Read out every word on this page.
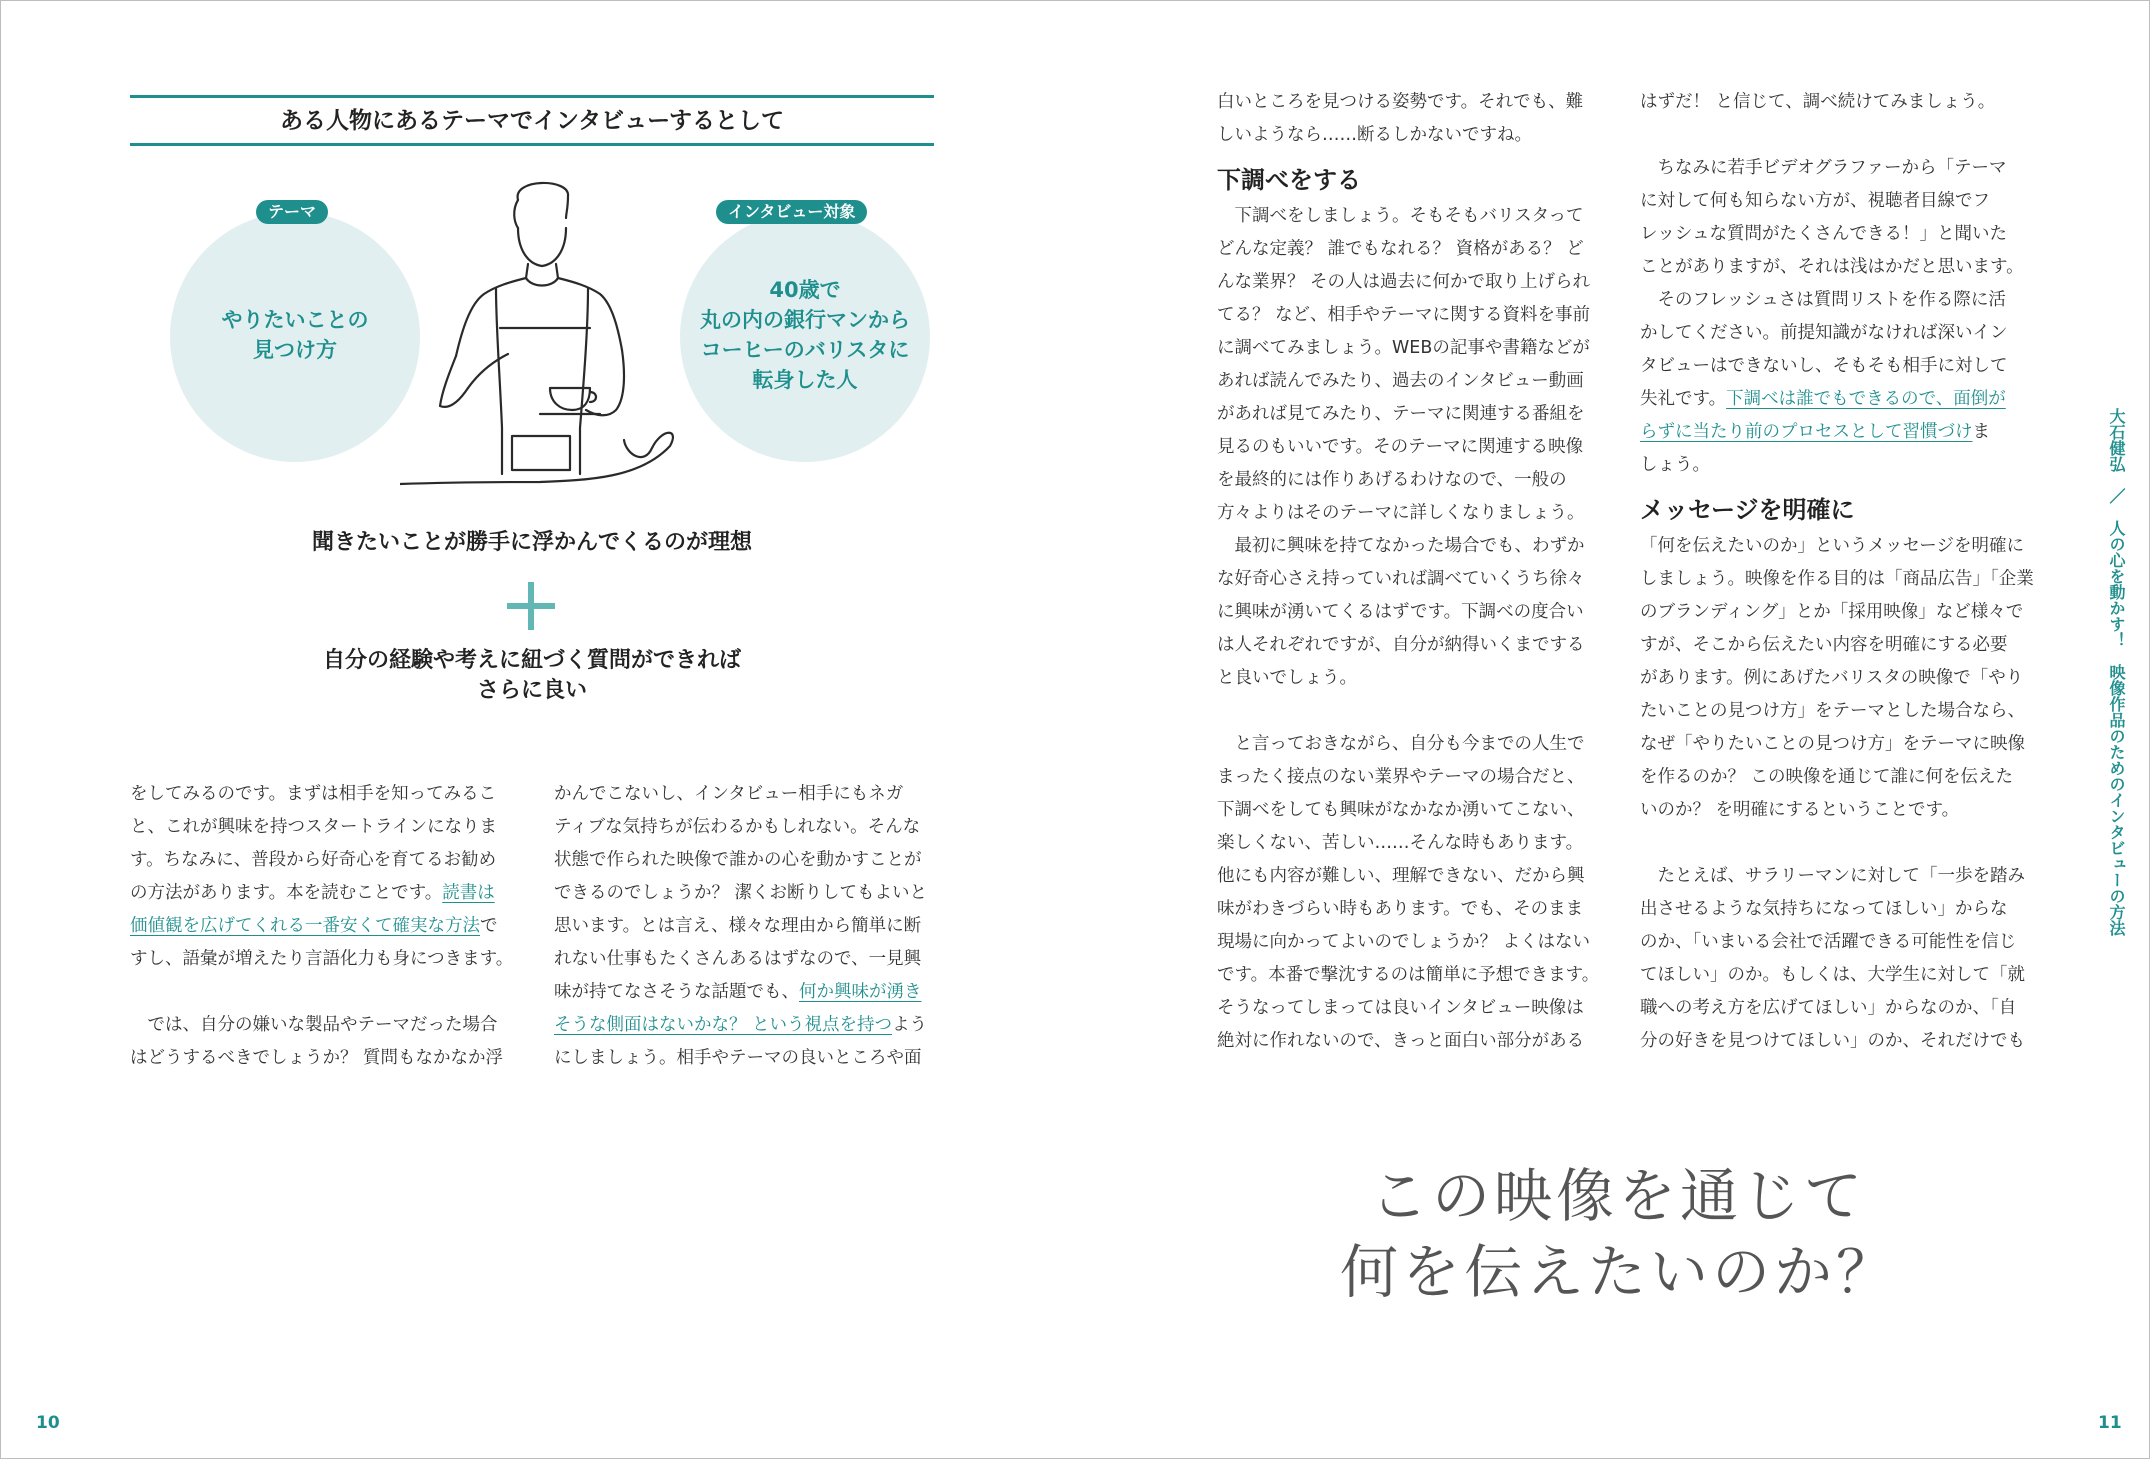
ある人物にあるテーマでインタビューするとして
テーマ
やりたいことの
見つけ方
インタビュー対象
40歳で
丸の内の銀行マンから
コーヒーのバリスタに
転身した人
聞きたいことが勝手に浮かんでくるのが理想
自分の経験や考えに紐づく質問ができれば
さらに良い

をしてみるのです。まずは相手を知ってみるこ

と、これが興味を持つスタートラインになりま

す。ちなみに、普段から好奇心を育てるお勧め

の方法があります。本を読むことです。読書は

価値観を広げてくれる一番安くて確実な方法で

すし、語彙が増えたり言語化力も身につきます。

　では、自分の嫌いな製品やテーマだった場合

はどうするべきでしょうか？ 質問もなかなか浮

かんでこないし、インタビュー相手にもネガ

ティブな気持ちが伝わるかもしれない。そんな

状態で作られた映像で誰かの心を動かすことが

できるのでしょうか？ 潔くお断りしてもよいと

思います。とは言え、様々な理由から簡単に断

れない仕事もたくさんあるはずなので、一見興

味が持てなさそうな話題でも、何か興味が湧き

そうな側面はないかな？ という視点を持つよう

にしましょう。相手やテーマの良いところや面

10

白いところを見つける姿勢です。それでも、難

しいようなら……断るしかないですね。

下調べをする

　下調べをしましょう。そもそもバリスタって

どんな定義？ 誰でもなれる？ 資格がある？ ど

んな業界？ その人は過去に何かで取り上げられ

てる？ など、相手やテーマに関する資料を事前

に調べてみましょう。WEBの記事や書籍などが

あれば読んでみたり、過去のインタビュー動画

があれば見てみたり、テーマに関連する番組を

見るのもいいです。そのテーマに関連する映像

を最終的には作りあげるわけなので、一般の

方々よりはそのテーマに詳しくなりましょう。

　最初に興味を持てなかった場合でも、わずか

な好奇心さえ持っていれば調べていくうち徐々

に興味が湧いてくるはずです。下調べの度合い

は人それぞれですが、自分が納得いくまでする

と良いでしょう。

　と言っておきながら、自分も今までの人生で

まったく接点のない業界やテーマの場合だと、

下調べをしても興味がなかなか湧いてこない、

楽しくない、苦しい……そんな時もあります。

他にも内容が難しい、理解できない、だから興

味がわきづらい時もあります。でも、そのまま

現場に向かってよいのでしょうか？ よくはない

です。本番で撃沈するのは簡単に予想できます。

そうなってしまっては良いインタビュー映像は

絶対に作れないので、きっと面白い部分がある

はずだ！ と信じて、調べ続けてみましょう。

　ちなみに若手ビデオグラファーから「テーマ

に対して何も知らない方が、視聴者目線でフ

レッシュな質問がたくさんできる！」と聞いた

ことがありますが、それは浅はかだと思います。

　そのフレッシュさは質問リストを作る際に活

かしてください。前提知識がなければ深いイン

タビューはできないし、そもそも相手に対して

失礼です。下調べは誰でもできるので、面倒が

らずに当たり前のプロセスとして習慣づけま

しょう。

メッセージを明確に

「何を伝えたいのか」というメッセージを明確に

しましょう。映像を作る目的は「商品広告」「企業

のブランディング」とか「採用映像」など様々で

すが、そこから伝えたい内容を明確にする必要

があります。例にあげたバリスタの映像で「やり

たいことの見つけ方」をテーマとした場合なら、

なぜ「やりたいことの見つけ方」をテーマに映像

を作るのか？ この映像を通じて誰に何を伝えた

いのか？ を明確にするということです。

　たとえば、サラリーマンに対して「一歩を踏み

出させるような気持ちになってほしい」からな

のか、「いまいる会社で活躍できる可能性を信じ

てほしい」のか。もしくは、大学生に対して「就

職への考え方を広げてほしい」からなのか、「自

分の好きを見つけてほしい」のか、それだけでも

この映像を通じて
何を伝えたいのか？
大石健弘　／　人の心を動かす！　映像作品のためのインタビューの方法
11
